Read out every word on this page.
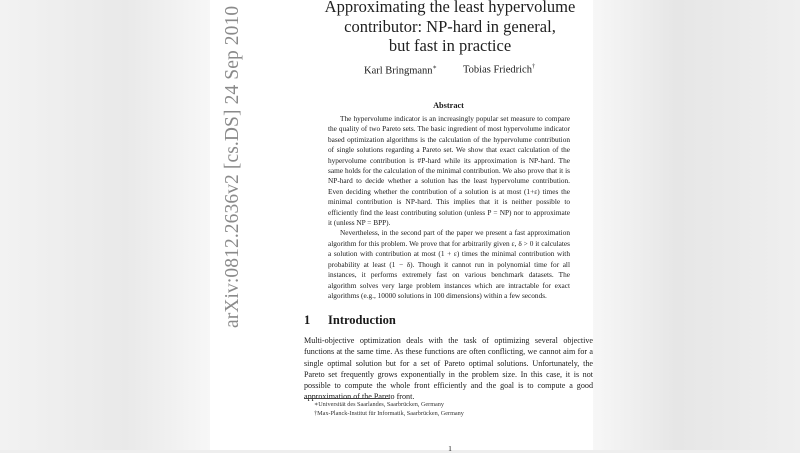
arXiv:0812.2636v2 [cs.DS] 24 Sep 2010	Approximating the least hypervolume
contributor: NP-hard in general,
but fast in practice
Karl Bringmann∗ Tobias Friedrich†
Abstract

The hypervolume indicator is an increasingly popular set measure to compare the quality of two Pareto sets. The basic ingredient of most hypervolume indicator based optimization algorithms is the calculation of the hypervolume contribution of single solutions regarding a Pareto set. We show that exact calculation of the hypervolume contribution is #P-hard while its approximation is NP-hard. The same holds for the calculation of the minimal contribution. We also prove that it is NP-hard to decide whether a solution has the least hypervolume contribution. Even deciding whether the contribution of a solution is at most (1+ε) times the minimal contribution is NP-hard. This implies that it is neither possible to efficiently find the least contributing solution (unless P = NP) nor to approximate it (unless NP = BPP).

Nevertheless, in the second part of the paper we present a fast approximation algorithm for this problem. We prove that for arbitrarily given ε, δ > 0 it calculates a solution with contribution at most (1 + ε) times the minimal contribution with probability at least (1 − δ). Though it cannot run in polynomial time for all instances, it performs extremely fast on various benchmark datasets. The algorithm solves very large problem instances which are intractable for exact algorithms (e.g., 10000 solutions in 100 dimensions) within a few seconds.

1 Introduction

Multi-objective optimization deals with the task of optimizing several objective functions at the same time. As these functions are often conflicting, we cannot aim for a single optimal solution but for a set of Pareto optimal solutions. Unfortunately, the Pareto set frequently grows exponentially in the problem size. In this case, it is not possible to compute the whole front efficiently and the goal is to compute a good approximation of the Pareto front.

∗Universität des Saarlandes, Saarbrücken, Germany
†Max-Planck-Institut für Informatik, Saarbrücken, Germany
1
